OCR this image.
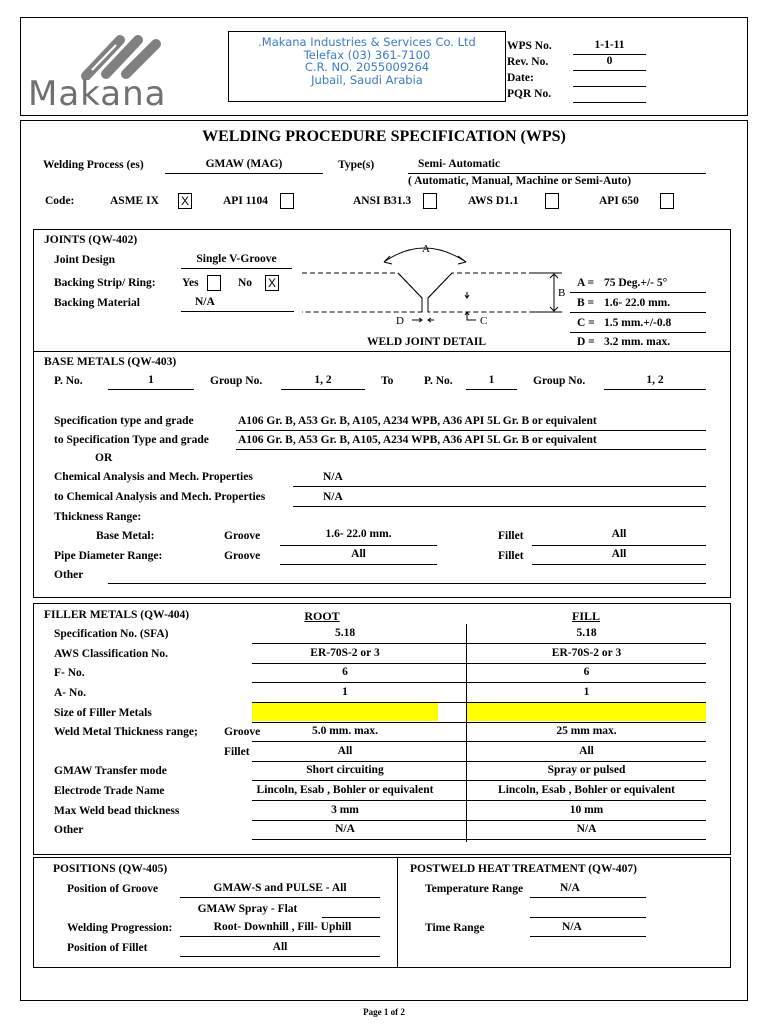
Makana
.Makana Industries & Services Co. Ltd
Telefax (03) 361-7100
C.R. NO. 2055009264
Jubail, Saudi Arabia
WPS No.	1-1-11
Rev. No.	0
Date:
PQR No.
WELDING PROCEDURE SPECIFICATION (WPS)
Welding Process (es)	GMAW (MAG)	Type(s)	Semi- Automatic
( Automatic, Manual, Machine or Semi-Auto)
Code:	ASME IX X	API 1104	ANSI B31.3	AWS D1.1	API 650
JOINTS (QW-402)
Joint Design	Single V-Groove
Backing Strip/ Ring: Yes	No X
Backing Material	N/A
A
B
C
D
WELD JOINT DETAIL
A = 75 Deg.+/- 5°
B = 1.6- 22.0 mm.
C = 1.5 mm.+/-0.8
D = 3.2 mm. max.
BASE METALS (QW-403)
P. No.	1	Group No.	1, 2	To	P. No.	1	Group No.	1, 2
Specification type and grade	A106 Gr. B, A53 Gr. B, A105, A234 WPB, A36 API 5L Gr. B or equivalent
to Specification Type and grade	A106 Gr. B, A53 Gr. B, A105, A234 WPB, A36 API 5L Gr. B or equivalent
OR
Chemical Analysis and Mech. Properties	N/A
to Chemical Analysis and Mech. Properties	N/A
Thickness Range:
Base Metal:	Groove	1.6- 22.0 mm.	Fillet	All
Pipe Diameter Range:	Groove	All	Fillet	All
Other
FILLER METALS (QW-404)	ROOT	FILL
Specification No. (SFA)	5.18	5.18
AWS Classification No.	ER-70S-2 or 3	ER-70S-2 or 3
F- No.	6	6
A- No.	1	1
Size of Filler Metals
Weld Metal Thickness range; Groove	5.0 mm. max.	25 mm max.
Fillet	All	All
GMAW Transfer mode	Short circuiting	Spray or pulsed
Electrode Trade Name	Lincoln, Esab , Bohler or equivalent	Lincoln, Esab , Bohler or equivalent
Max Weld bead thickness	3 mm	10 mm
Other	N/A	N/A
POSITIONS (QW-405)
Position of Groove	GMAW-S and PULSE - All
GMAW Spray - Flat
Welding Progression:	Root- Downhill , Fill- Uphill
Position of Fillet	All
POSTWELD HEAT TREATMENT (QW-407)
Temperature Range	N/A
Time Range	N/A
Page 1 of 2
